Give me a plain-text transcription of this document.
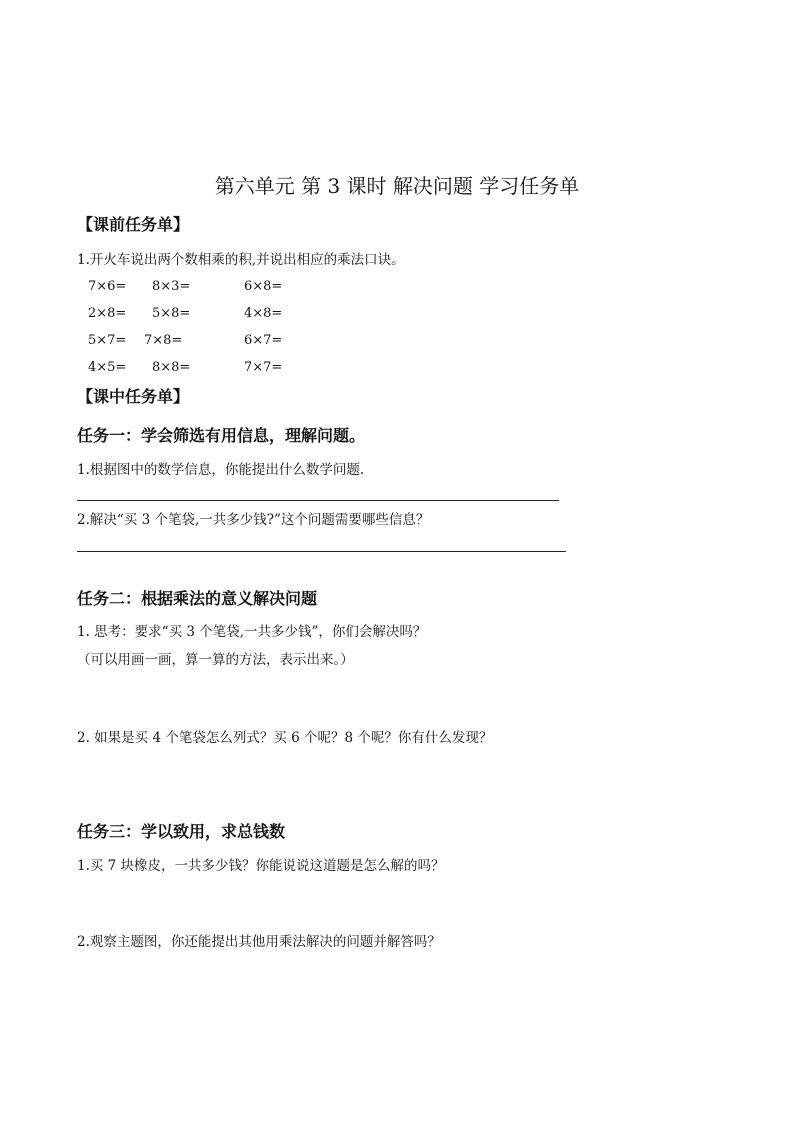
第六单元 第 3 课时 解决问题 学习任务单
【课前任务单】
1.开火车说出两个数相乘的积,并说出相应的乘法口诀。
7×6= 8×3=	6×8=
2×8= 5×8=	4×8=
5×7= 7×8=	6×7=
4×5= 8×8=	7×7=
【课中任务单】
任务一：学会筛选有用信息，理解问题。
1.根据图中的数学信息，你能提出什么数学问题.
2.解决“买 3 个笔袋,一共多少钱?”这个问题需要哪些信息？
任务二：根据乘法的意义解决问题
1. 思考：要求“买 3 个笔袋,一共多少钱”，你们会解决吗？
（可以用画一画，算一算的方法，表示出来。）
2. 如果是买 4 个笔袋怎么列式？买 6 个呢？8 个呢？你有什么发现？
任务三：学以致用，求总钱数
1.买 7 块橡皮，一共多少钱？你能说说这道题是怎么解的吗？
2.观察主题图，你还能提出其他用乘法解决的问题并解答吗？
